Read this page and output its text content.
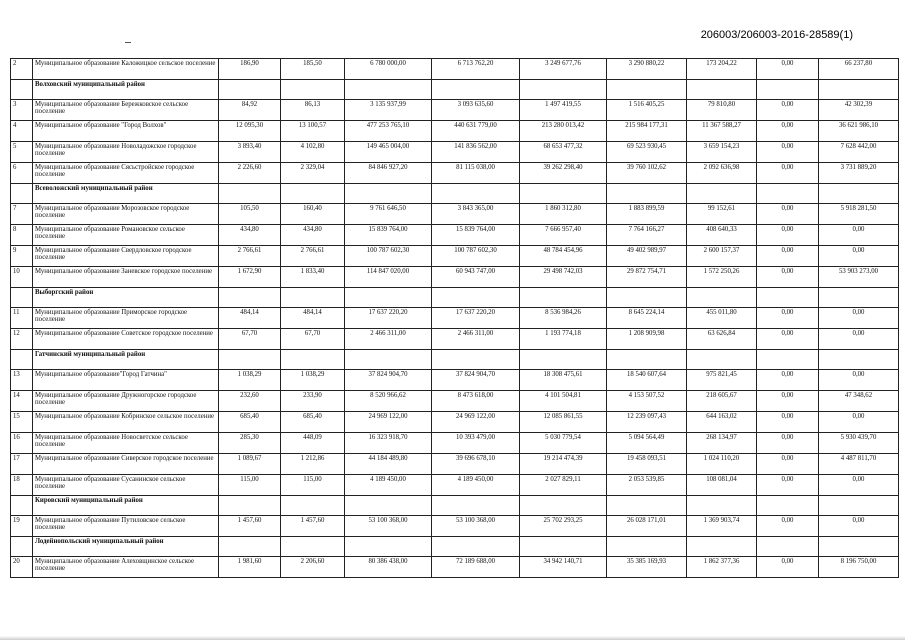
206003/206003-2016-28589(1)
2	Муниципальное образование Каложицкое сельское поселение	186,90	185,50	6 780 000,00	6 713 762,20	3 249 677,76	3 290 880,22	173 204,22	0,00	66 237,80
	Волховский муниципальный район									
3	Муниципальное образование Бережковское сельское поселение	84,92	86,13	3 135 937,99	3 093 635,60	1 497 419,55	1 516 405,25	79 810,80	0,00	42 302,39
4	Муниципальное образование "Город Волхов"	12 095,30	13 100,57	477 253 765,10	440 631 779,00	213 280 013,42	215 984 177,31	11 367 588,27	0,00	36 621 986,10
5	Муниципальное образование Новоладожское городское поселение	3 893,40	4 102,80	149 465 004,00	141 836 562,00	68 653 477,32	69 523 930,45	3 659 154,23	0,00	7 628 442,00
6	Муниципальное образование Сясьстройское городское поселение	2 226,60	2 329,04	84 846 927,20	81 115 038,00	39 262 298,40	39 760 102,62	2 092 636,98	0,00	3 731 889,20
	Всеволожский муниципальный район									
7	Муниципальное образование Морозовское городское поселение	105,50	160,40	9 761 646,50	3 843 365,00	1 860 312,80	1 883 899,59	99 152,61	0,00	5 918 281,50
8	Муниципальное образование Романовское сельское поселение	434,80	434,80	15 839 764,00	15 839 764,00	7 666 957,40	7 764 166,27	408 640,33	0,00	0,00
9	Муниципальное образование Свердловское городское поселение	2 766,61	2 766,61	100 787 602,30	100 787 602,30	48 784 454,96	49 402 989,97	2 600 157,37	0,00	0,00
10	Муниципальное образование Заневское городское поселение	1 672,90	1 833,40	114 847 020,00	60 943 747,00	29 498 742,03	29 872 754,71	1 572 250,26	0,00	53 903 273,00
	Выборгский район									
11	Муниципальное образование Приморское городское поселение	484,14	484,14	17 637 220,20	17 637 220,20	8 536 984,26	8 645 224,14	455 011,80	0,00	0,00
12	Муниципальное образование Советское городское поселение	67,70	67,70	2 466 311,00	2 466 311,00	1 193 774,18	1 208 909,98	63 626,84	0,00	0,00
	Гатчинский муниципальный район									
13	Муниципальное образование"Город Гатчина"	1 038,29	1 038,29	37 824 904,70	37 824 904,70	18 308 475,61	18 540 607,64	975 821,45	0,00	0,00
14	Муниципальное образование Дружногорское городское поселение	232,60	233,90	8 520 966,62	8 473 618,00	4 101 504,81	4 153 507,52	218 605,67	0,00	47 348,62
15	Муниципальное образование Кобринское сельское поселение	685,40	685,40	24 969 122,00	24 969 122,00	12 085 861,55	12 239 097,43	644 163,02	0,00	0,00
16	Муниципальное образование Новосветское сельское поселение	285,30	448,09	16 323 918,70	10 393 479,00	5 030 779,54	5 094 564,49	268 134,97	0,00	5 930 439,70
17	Муниципальное образование Сиверское городское поселение	1 089,67	1 212,86	44 184 489,80	39 696 678,10	19 214 474,39	19 458 093,51	1 024 110,20	0,00	4 487 811,70
18	Муниципальное образование Сусанинское сельское поселение	115,00	115,00	4 189 450,00	4 189 450,00	2 027 829,11	2 053 539,85	108 081,04	0,00	0,00
	Кировский муниципальный район									
19	Муниципальное образование Путиловское сельское поселение	1 457,60	1 457,60	53 100 368,00	53 100 368,00	25 702 293,25	26 028 171,01	1 369 903,74	0,00	0,00
	Лодейнопольский муниципальный район									
20	Муниципальное образование Алеховщинское сельское поселение	1 981,60	2 206,60	80 386 438,00	72 189 688,00	34 942 140,71	35 385 169,93	1 862 377,36	0,00	8 196 750,00
